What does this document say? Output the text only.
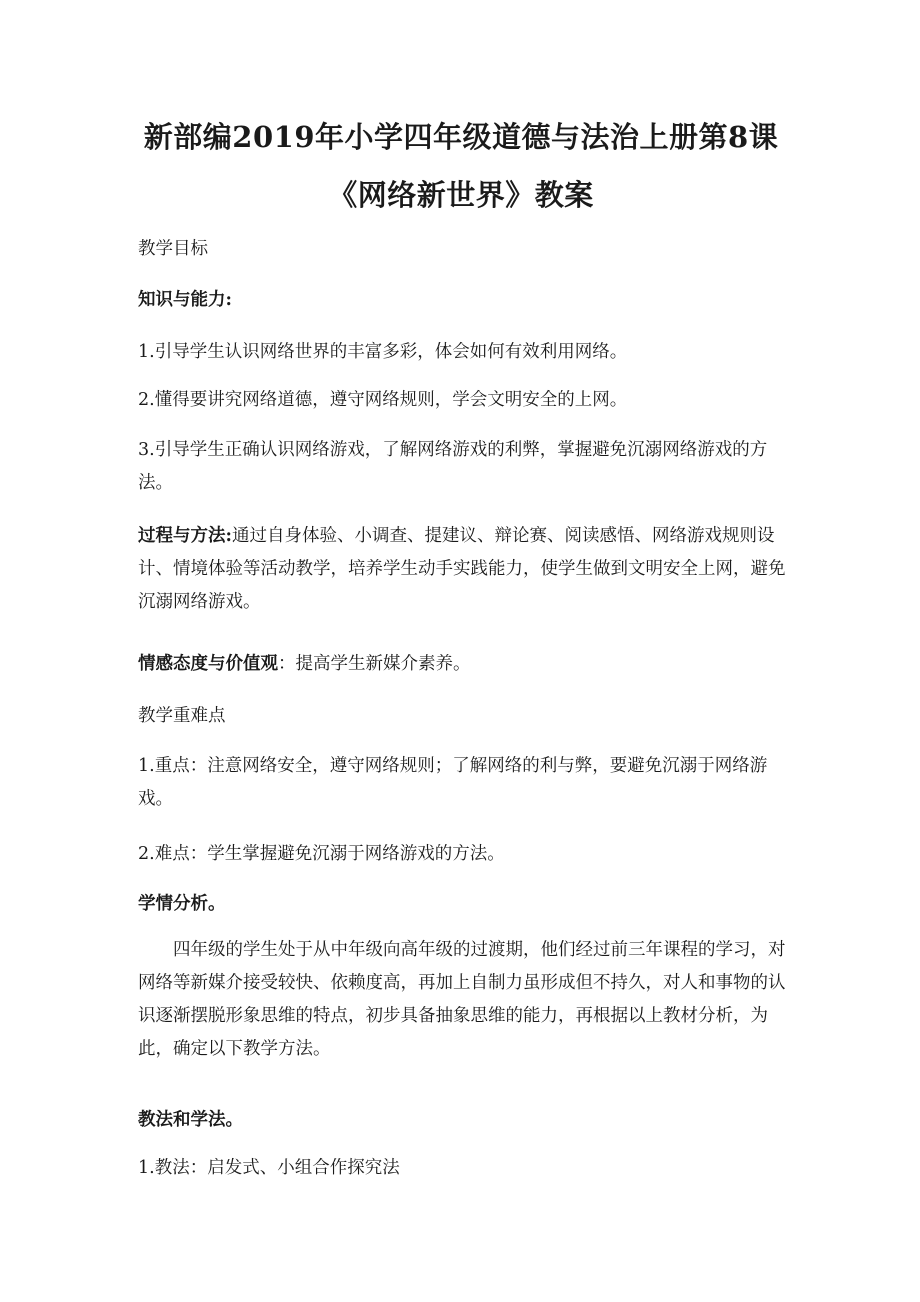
新部编2019年小学四年级道德与法治上册第8课《网络新世界》教案

教学目标

知识与能力:

1.引导学生认识网络世界的丰富多彩，体会如何有效利用网络。

2.懂得要讲究网络道德，遵守网络规则，学会文明安全的上网。

3.引导学生正确认识网络游戏，了解网络游戏的利弊，掌握避免沉溺网络游戏的方法。

过程与方法:通过自身体验、小调查、提建议、辩论赛、阅读感悟、网络游戏规则设计、情境体验等活动教学，培养学生动手实践能力，使学生做到文明安全上网，避免沉溺网络游戏。

情感态度与价值观：提高学生新媒介素养。

教学重难点

1.重点：注意网络安全，遵守网络规则；了解网络的利与弊，要避免沉溺于网络游戏。

2.难点：学生掌握避免沉溺于网络游戏的方法。

学情分析。

四年级的学生处于从中年级向高年级的过渡期，他们经过前三年课程的学习，对网络等新媒介接受较快、依赖度高，再加上自制力虽形成但不持久，对人和事物的认识逐渐摆脱形象思维的特点，初步具备抽象思维的能力，再根据以上教材分析，为此，确定以下教学方法。

教法和学法。

1.教法：启发式、小组合作探究法
